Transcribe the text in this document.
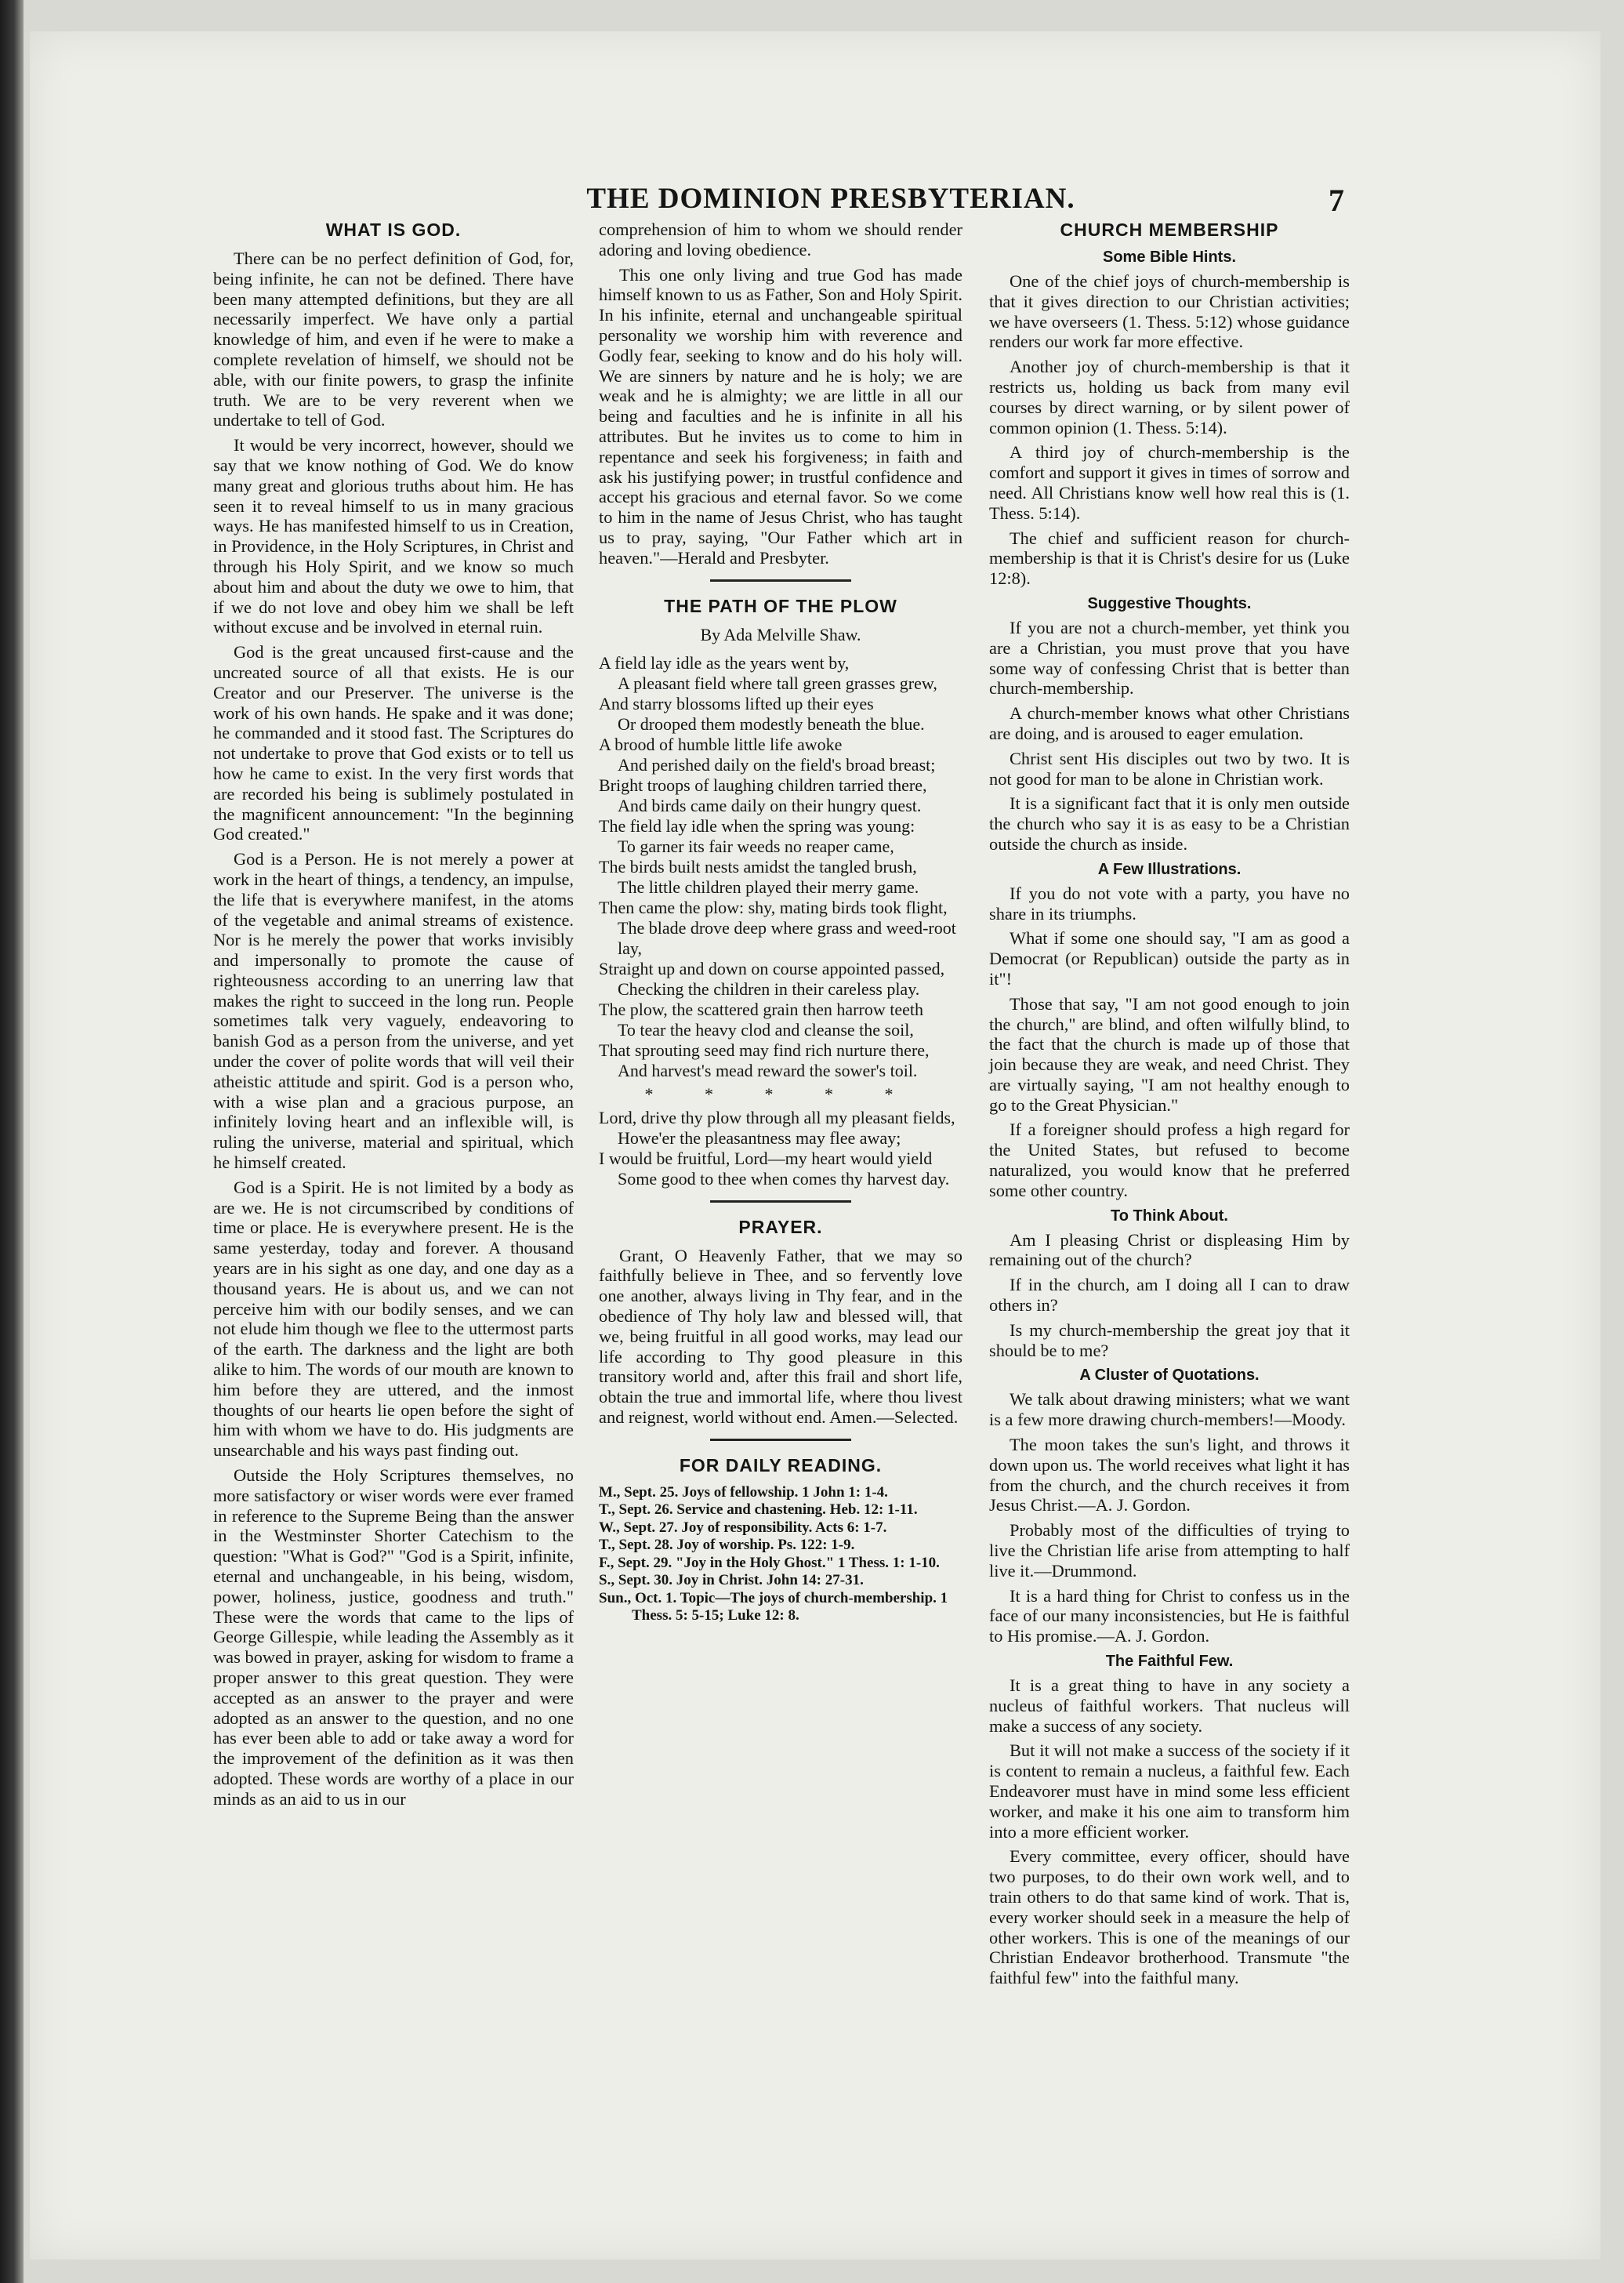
THE DOMINION PRESBYTERIAN.	7
WHAT IS GOD.

There can be no perfect definition of God, for, being infinite, he can not be defined. There have been many attempted definitions, but they are all necessarily imperfect. We have only a partial knowledge of him, and even if he were to make a complete revelation of himself, we should not be able, with our finite powers, to grasp the infinite truth. We are to be very reverent when we undertake to tell of God.

It would be very incorrect, however, should we say that we know nothing of God. We do know many great and glorious truths about him. He has seen it to reveal himself to us in many gracious ways. He has manifested himself to us in Creation, in Providence, in the Holy Scriptures, in Christ and through his Holy Spirit, and we know so much about him and about the duty we owe to him, that if we do not love and obey him we shall be left without excuse and be involved in eternal ruin.

God is the great uncaused first-cause and the uncreated source of all that exists. He is our Creator and our Preserver. The universe is the work of his own hands. He spake and it was done; he commanded and it stood fast. The Scriptures do not undertake to prove that God exists or to tell us how he came to exist. In the very first words that are recorded his being is sublimely postulated in the magnificent announcement: "In the beginning God created."

God is a Person. He is not merely a power at work in the heart of things, a tendency, an impulse, the life that is everywhere manifest, in the atoms of the vegetable and animal streams of existence. Nor is he merely the power that works invisibly and impersonally to promote the cause of righteousness according to an unerring law that makes the right to succeed in the long run. People sometimes talk very vaguely, endeavoring to banish God as a person from the universe, and yet under the cover of polite words that will veil their atheistic attitude and spirit. God is a person who, with a wise plan and a gracious purpose, an infinitely loving heart and an inflexible will, is ruling the universe, material and spiritual, which he himself created.

God is a Spirit. He is not limited by a body as are we. He is not circumscribed by conditions of time or place. He is everywhere present. He is the same yesterday, today and forever. A thousand years are in his sight as one day, and one day as a thousand years. He is about us, and we can not perceive him with our bodily senses, and we can not elude him though we flee to the uttermost parts of the earth. The darkness and the light are both alike to him. The words of our mouth are known to him before they are uttered, and the inmost thoughts of our hearts lie open before the sight of him with whom we have to do. His judgments are unsearchable and his ways past finding out.

Outside the Holy Scriptures themselves, no more satisfactory or wiser words were ever framed in reference to the Supreme Being than the answer in the Westminster Shorter Catechism to the question: "What is God?" "God is a Spirit, infinite, eternal and unchangeable, in his being, wisdom, power, holiness, justice, goodness and truth." These were the words that came to the lips of George Gillespie, while leading the Assembly as it was bowed in prayer, asking for wisdom to frame a proper answer to this great question. They were accepted as an answer to the prayer and were adopted as an answer to the question, and no one has ever been able to add or take away a word for the improvement of the definition as it was then adopted. These words are worthy of a place in our minds as an aid to us in our

comprehension of him to whom we should render adoring and loving obedience.

This one only living and true God has made himself known to us as Father, Son and Holy Spirit. In his infinite, eternal and unchangeable spiritual personality we worship him with reverence and Godly fear, seeking to know and do his holy will. We are sinners by nature and he is holy; we are weak and he is almighty; we are little in all our being and faculties and he is infinite in all his attributes. But he invites us to come to him in repentance and seek his forgiveness; in faith and ask his justifying power; in trustful confidence and accept his gracious and eternal favor. So we come to him in the name of Jesus Christ, who has taught us to pray, saying, "Our Father which art in heaven."—Herald and Presbyter.

THE PATH OF THE PLOW
By Ada Melville Shaw.
A field lay idle as the years went by,
A pleasant field where tall green grasses grew,
And starry blossoms lifted up their eyes
Or drooped them modestly beneath the blue.
A brood of humble little life awoke
And perished daily on the field's broad breast;
Bright troops of laughing children tarried there,
And birds came daily on their hungry quest.
The field lay idle when the spring was young:
To garner its fair weeds no reaper came,
The birds built nests amidst the tangled brush,
The little children played their merry game.
Then came the plow: shy, mating birds took flight,
The blade drove deep where grass and weed-root lay,
Straight up and down on course appointed passed,
Checking the children in their careless play.
The plow, the scattered grain then harrow teeth
To tear the heavy clod and cleanse the soil,
That sprouting seed may find rich nurture there,
And harvest's mead reward the sower's toil.
* * * * *
Lord, drive thy plow through all my pleasant fields,
Howe'er the pleasantness may flee away;
I would be fruitful, Lord—my heart would yield
Some good to thee when comes thy harvest day.
PRAYER.

Grant, O Heavenly Father, that we may so faithfully believe in Thee, and so fervently love one another, always living in Thy fear, and in the obedience of Thy holy law and blessed will, that we, being fruitful in all good works, may lead our life according to Thy good pleasure in this transitory world and, after this frail and short life, obtain the true and immortal life, where thou livest and reignest, world without end. Amen.—Selected.

FOR DAILY READING.
M., Sept. 25. Joys of fellowship. 1 John 1: 1-4.
T., Sept. 26. Service and chastening. Heb. 12: 1-11.
W., Sept. 27. Joy of responsibility. Acts 6: 1-7.
T., Sept. 28. Joy of worship. Ps. 122: 1-9.
F., Sept. 29. "Joy in the Holy Ghost." 1 Thess. 1: 1-10.
S., Sept. 30. Joy in Christ. John 14: 27-31.
Sun., Oct. 1. Topic—The joys of church-membership. 1 Thess. 5: 5-15; Luke 12: 8.
CHURCH MEMBERSHIP
Some Bible Hints.

One of the chief joys of church-membership is that it gives direction to our Christian activities; we have overseers (1. Thess. 5:12) whose guidance renders our work far more effective.

Another joy of church-membership is that it restricts us, holding us back from many evil courses by direct warning, or by silent power of common opinion (1. Thess. 5:14).

A third joy of church-membership is the comfort and support it gives in times of sorrow and need. All Christians know well how real this is (1. Thess. 5:14).

The chief and sufficient reason for church-membership is that it is Christ's desire for us (Luke 12:8).

Suggestive Thoughts.

If you are not a church-member, yet think you are a Christian, you must prove that you have some way of confessing Christ that is better than church-membership.

A church-member knows what other Christians are doing, and is aroused to eager emulation.

Christ sent His disciples out two by two. It is not good for man to be alone in Christian work.

It is a significant fact that it is only men outside the church who say it is as easy to be a Christian outside the church as inside.

A Few Illustrations.

If you do not vote with a party, you have no share in its triumphs.

What if some one should say, "I am as good a Democrat (or Republican) outside the party as in it"!

Those that say, "I am not good enough to join the church," are blind, and often wilfully blind, to the fact that the church is made up of those that join because they are weak, and need Christ. They are virtually saying, "I am not healthy enough to go to the Great Physician."

If a foreigner should profess a high regard for the United States, but refused to become naturalized, you would know that he preferred some other country.

To Think About.

Am I pleasing Christ or displeasing Him by remaining out of the church?

If in the church, am I doing all I can to draw others in?

Is my church-membership the great joy that it should be to me?

A Cluster of Quotations.

We talk about drawing ministers; what we want is a few more drawing church-members!—Moody.

The moon takes the sun's light, and throws it down upon us. The world receives what light it has from the church, and the church receives it from Jesus Christ.—A. J. Gordon.

Probably most of the difficulties of trying to live the Christian life arise from attempting to half live it.—Drummond.

It is a hard thing for Christ to confess us in the face of our many inconsistencies, but He is faithful to His promise.—A. J. Gordon.

The Faithful Few.

It is a great thing to have in any society a nucleus of faithful workers. That nucleus will make a success of any society.

But it will not make a success of the society if it is content to remain a nucleus, a faithful few. Each Endeavorer must have in mind some less efficient worker, and make it his one aim to transform him into a more efficient worker.

Every committee, every officer, should have two purposes, to do their own work well, and to train others to do that same kind of work. That is, every worker should seek in a measure the help of other workers. This is one of the meanings of our Christian Endeavor brotherhood. Transmute "the faithful few" into the faithful many.
